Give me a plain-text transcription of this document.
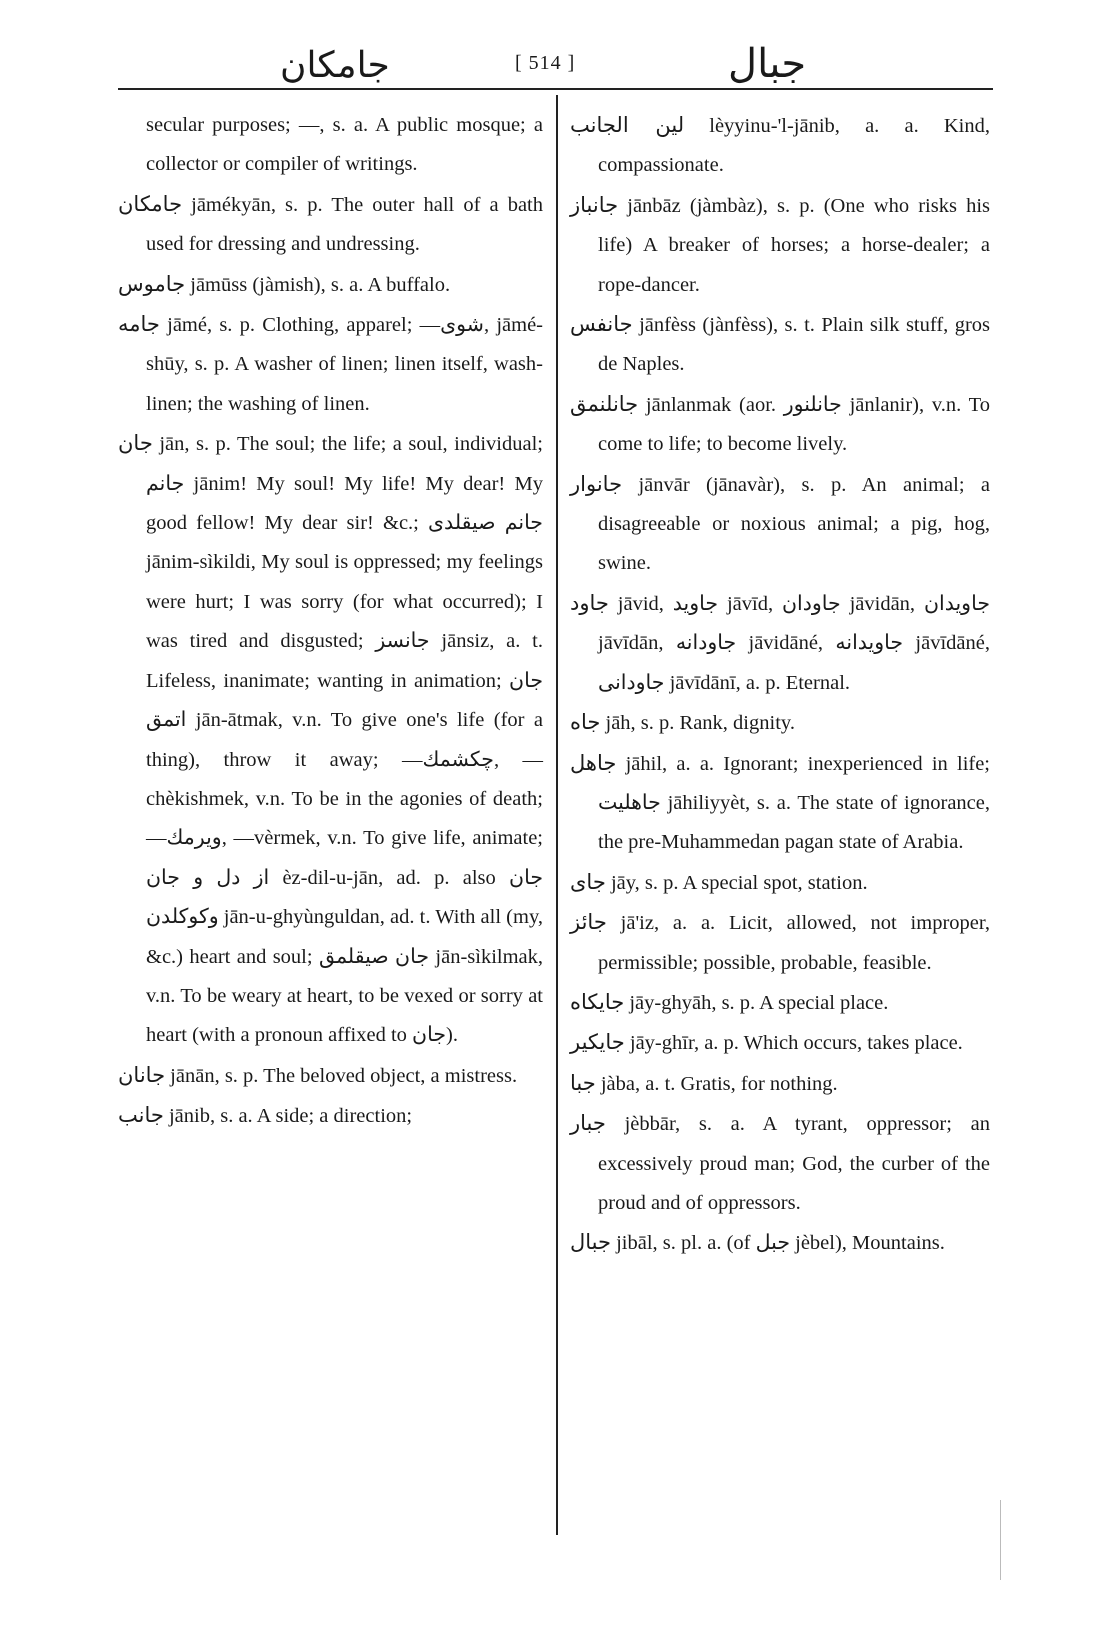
جامکان	[ 514 ]	جبال

secular purposes; —, s. a. A public mosque; a collector or compiler of writings.

جامکان jāmékyān, s. p. The outer hall of a bath used for dressing and undressing.

جاموس jāmūss (jàmish), s. a. A buffalo.

جامه jāmé, s. p. Clothing, apparel; —شوی, jāmé-shūy, s. p. A washer of linen; linen itself, wash-linen; the washing of linen.

جان jān, s. p. The soul; the life; a soul, individual; جانم jānim! My soul! My life! My dear! My good fellow! My dear sir! &c.; جانم صیقلدی jānim-sìkildi, My soul is oppressed; my feelings were hurt; I was sorry (for what occurred); I was tired and disgusted; جانسز jānsiz, a. t. Lifeless, inanimate; wanting in animation; جان اتمق jān-ātmak, v.n. To give one's life (for a thing), throw it away; —چکشمك, —chèkishmek, v.n. To be in the agonies of death; —ويرمك, —vèrmek, v.n. To give life, animate; از دل و جان èz-dil-u-jān, ad. p. also جان وكوكلدن jān-u-ghyùnguldan, ad. t. With all (my, &c.) heart and soul; جان صيقلمق jān-sìkilmak, v.n. To be weary at heart, to be vexed or sorry at heart (with a pronoun affixed to جان).

جانان jānān, s. p. The beloved object, a mistress.

جانب jānib, s. a. A side; a direction;

لين الجانب lèyyinu-'l-jānib, a. a. Kind, compassionate.

جانباز jānbāz (jàmbàz), s. p. (One who risks his life) A breaker of horses; a horse-dealer; a rope-dancer.

جانفس jānfèss (jànfèss), s. t. Plain silk stuff, gros de Naples.

جانلنمق jānlanmak (aor. جانلنور jānlanir), v.n. To come to life; to become lively.

جانوار jānvār (jānavàr), s. p. An animal; a disagreeable or noxious animal; a pig, hog, swine.

جاود jāvid, جاويد jāvīd, جاودان jāvidān, جاويدان jāvīdān, جاودانه jāvidāné, جاويدانه jāvīdāné, جاودانى jāvīdānī, a. p. Eternal.

جاه jāh, s. p. Rank, dignity.

جاهل jāhil, a. a. Ignorant; inexperienced in life; جاهليت jāhiliyyèt, s. a. The state of ignorance, the pre-Muhammedan pagan state of Arabia.

جاى jāy, s. p. A special spot, station.

جائز jā'iz, a. a. Licit, allowed, not improper, permissible; possible, probable, feasible.

جايكاه jāy-ghyāh, s. p. A special place.

جايكير jāy-ghīr, a. p. Which occurs, takes place.

جبا jàba, a. t. Gratis, for nothing.

جبار jèbbār, s. a. A tyrant, oppressor; an excessively proud man; God, the curber of the proud and of oppressors.

جبال jibāl, s. pl. a. (of جبل jèbel), Mountains.
